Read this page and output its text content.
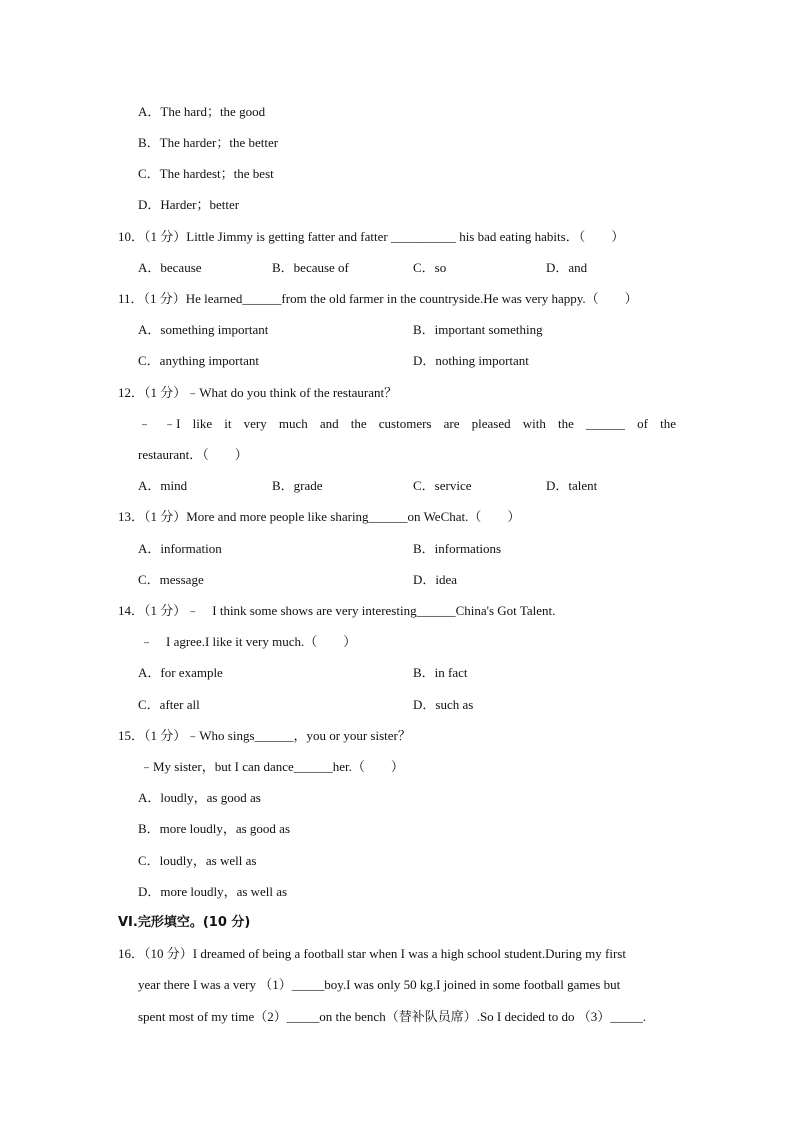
A．The hard；the good
B．The harder；the better
C．The hardest；the best
D．Harder；better
10．（1 分）Little Jimmy is getting fatter and fatter __________ his bad eating habits．（　　）
A．because	B．because of	C．so	D．and
11．（1 分）He learned______from the old farmer in the countryside.He was very happy.（　　）
A．something important	B．important something
C．anything important	D．nothing important
12．（1 分）﹣What do you think of the restaurant？
﹣ ﹣I like it very much and the customers are pleased with the ______ of the
restaurant．（　　）
A．mind	B．grade	C．service	D．talent
13．（1 分）More and more people like sharing______on WeChat.（　　）
A．information	B．informations
C．message	D．idea
14．（1 分）﹣　I think some shows are very interesting______China's Got Talent.
﹣　I agree.I like it very much.（　　）
A．for example	B．in fact
C．after all	D．such as
15．（1 分）﹣Who sings______，you or your sister？
﹣My sister，but I can dance______her.（　　）
A．loudly，as good as
B．more loudly，as good as
C．loudly，as well as
D．more loudly，as well as
VI.完形填空。(10 分)
16．（10 分）I dreamed of being a football star when I was a high school student.During my first
year there I was a very （1）_____boy.I was only 50 kg.I joined in some football games but
spent most of my time（2）_____on the bench（替补队员席）.So I decided to do （3）_____.
